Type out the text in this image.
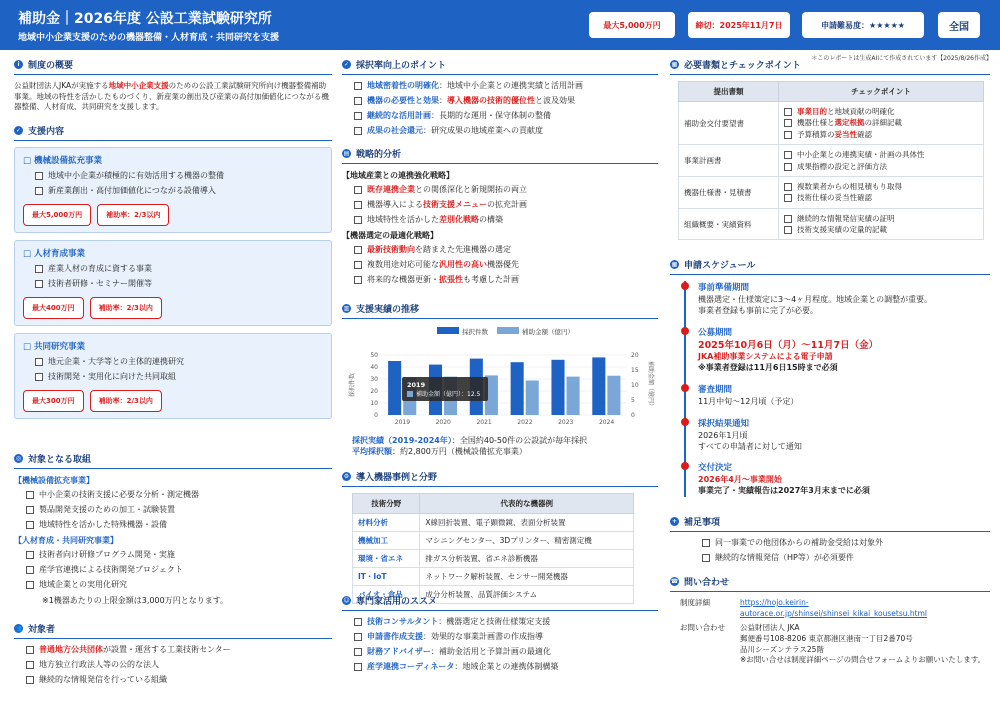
補助金｜2026年度 公設工業試験研究所
地域中小企業支援のための機器整備・人材育成・共同研究を支援
最大5,000万円	締切：2025年11月7日	申請難易度：★★★★★	全国
＊このレポートは生成AIにて作成されています【2025/8/26作成】
i 制度の概要
公益財団法人JKAが実施する地域中小企業支援のための公設工業試験研究所向け機器整備補助事業。地域の特性を活かしたものづくり、新産業の創出及び産業の高付加価値化につながる機器整備、人材育成、共同研究を支援します。
✓ 支援内容
□ 機械設備拡充事業
地域中小企業が積極的に有効活用する機器の整備
新産業創出・高付加価値化につながる設備導入
最大5,000万円	補助率：2/3以内
□ 人材育成事業
産業人材の育成に資する事業
技術者研修・セミナー開催等
最大400万円	補助率：2/3以内
□ 共同研究事業
地元企業・大学等との主体的連携研究
技術開発・実用化に向けた共同取組
最大300万円	補助率：2/3以内
◎ 対象となる取組
【機械設備拡充事業】
中小企業の技術支援に必要な分析・測定機器
製品開発支援のための加工・試験装置
地域特性を活かした特殊機器・設備
【人材育成・共同研究事業】
技術者向け研修プログラム開発・実施
産学官連携による技術開発プロジェクト
地域企業との実用化研究
※1機器あたりの上限金額は3,000万円となります。
👥 対象者
普通地方公共団体が設置・運営する工業技術センター
地方独立行政法人等の公的な法人
継続的な情報発信を行っている組織
✓ 採択率向上のポイント
地域密着性の明確化：地域中小企業との連携実績と活用計画
機器の必要性と効果：導入機器の技術的優位性と波及効果
継続的な活用計画：長期的な運用・保守体制の整備
成果の社会還元：研究成果の地域産業への貢献度
▤ 戦略的分析
【地域産業との連携強化戦略】
既存連携企業との関係深化と新規開拓の両立
機器導入による技術支援メニューの拡充計画
地域特性を活かした差別化戦略の構築
【機器選定の最適化戦略】
最新技術動向を踏まえた先進機器の選定
複数用途対応可能な汎用性の高い機器優先
将来的な機器更新・拡張性も考慮した計画
▥ 支援実績の推移
採択件数	補助金額（億円）
0
10
20
30
40
50
0
5
10
15
20
採択件数	補助金額（億円）
2019	2020	2021	2022	2023	2024
2019
補助金額（億円）：12.5
採択実績（2019-2024年）：全国約40-50件の公設試が毎年採択
平均採択額：約2,800万円（機械設備拡充事業）
⚙ 導入機器事例と分野
技術分野	代表的な機器例
材料分析	X線回折装置、電子顕微鏡、表面分析装置
機械加工	マシニングセンター、3Dプリンター、精密測定機
環境・省エネ	排ガス分析装置、省エネ診断機器
IT・IoT	ネットワーク解析装置、センサー開発機器
バイオ・食品	成分分析装置、品質評価システム
☺ 専門家活用のススメ
技術コンサルタント：機器選定と技術仕様策定支援
申請書作成支援：効果的な事業計画書の作成指導
財務アドバイザー：補助金活用と予算計画の最適化
産学連携コーディネータ：地域企業との連携体制構築
▦ 必要書類とチェックポイント
提出書類	チェックポイント
補助金交付要望書	事業目的と地域貢献の明確化
機器仕様と選定根拠の詳細記載
予算積算の妥当性確認

事業計画書	中小企業との連携実績・計画の具体性
成果指標の設定と評価方法

機器仕様書・見積書	複数業者からの相見積もり取得
技術仕様の妥当性確認

組織概要・実績資料	継続的な情報発信実績の証明
技術支援実績の定量的記載
▦ 申請スケジュール
事前準備期間
機器選定・仕様策定に3〜4ヶ月程度。地域企業との調整が重要。
事業者登録も事前に完了が必要。
公募期間
2025年10月6日（月）〜11月7日（金）
JKA補助事業システムによる電子申請
※事業者登録は11月6日15時まで必須
審査期間
11月中旬〜12月頃（予定）
採択結果通知
2026年1月頃
すべての申請者に対して通知
交付決定
2026年4月〜事業開始
事業完了・実績報告は2027年3月末までに必須
+ 補足事項
同一事業での他団体からの補助金受給は対象外
継続的な情報発信（HP等）が必須要件
☎ 問い合わせ
制度詳細	https://hojo.keirin-autorace.or.jp/shinsei/shinsei_kikai_kousetsu.html
お問い合わせ	公益財団法人 JKA
郵便番号108-8206 東京都港区港南一丁目2番70号
品川シーズンテラス25階
※お問い合せは制度詳細ページの問合せフォームよりお願いいたします。
